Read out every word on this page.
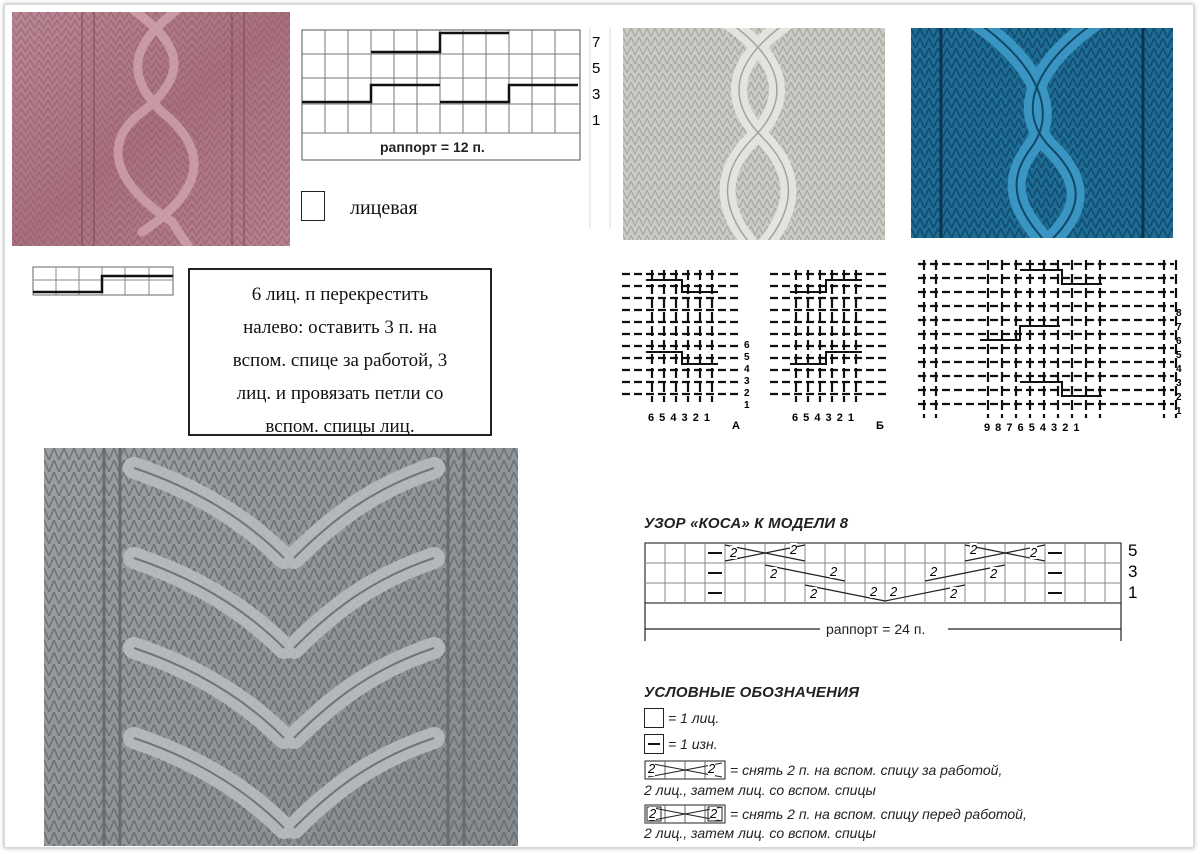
7
5
3
1
раппорт = 12 п.
лицевая
6 лиц. п перекрестить
налево: оставить 3 п. на
вспом. спице за работой, 3
лиц. и провязать петли со
вспом. спицы лиц.
6
5
4
3
2
1
6 5 4 3 2 1
А
6 5 4 3 2 1
Б
8
7
6
5
4
3
2
1
9 8 7 6 5 4 3 2 1
УЗОР «КОСА» К МОДЕЛИ 8
2	2
2	2
2	2 2	2
2	2
2	2	5
3
1
раппорт = 24 п.
УСЛОВНЫЕ ОБОЗНАЧЕНИЯ
= 1 лиц.
= 1 изн.
2	2 = снять 2 п. на вспом. спицу за работой,
2 лиц., затем лиц. со вспом. спицы
2	2 = снять 2 п. на вспом. спицу перед работой,
2 лиц., затем лиц. со вспом. спицы
